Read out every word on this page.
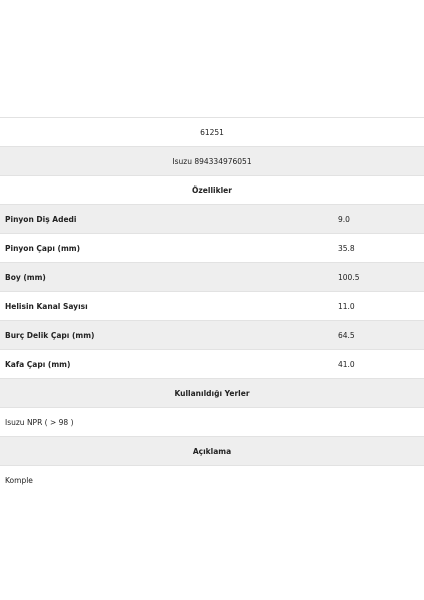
61251
Isuzu 894334976051
Özellikler
Pinyon Diş Adedi	9.0
Pinyon Çapı (mm)	35.8
Boy (mm)	100.5
Helisin Kanal Sayısı	11.0
Burç Delik Çapı (mm)	64.5
Kafa Çapı (mm)	41.0
Kullanıldığı Yerler
Isuzu NPR ( > 98 )
Açıklama
Komple
